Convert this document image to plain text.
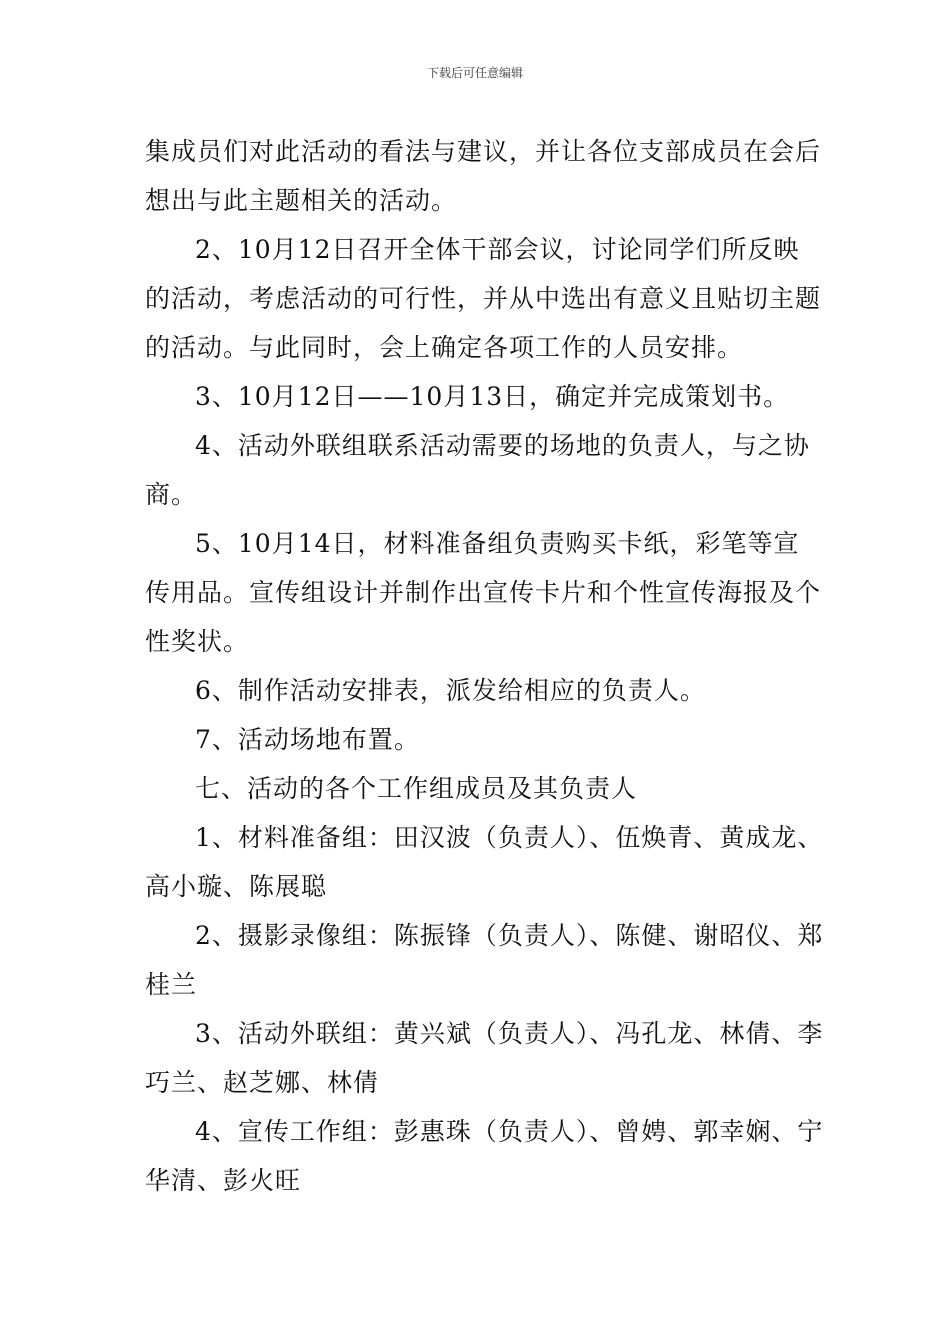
下载后可任意编辑

集成员们对此活动的看法与建议，并让各位支部成员在会后想出与此主题相关的活动。

2、10月12日召开全体干部会议，讨论同学们所反映的活动，考虑活动的可行性，并从中选出有意义且贴切主题的活动。与此同时，会上确定各项工作的人员安排。

3、10月12日——10月13日，确定并完成策划书。

4、活动外联组联系活动需要的场地的负责人，与之协商。

5、10月14日，材料准备组负责购买卡纸，彩笔等宣传用品。宣传组设计并制作出宣传卡片和个性宣传海报及个性奖状。

6、制作活动安排表，派发给相应的负责人。

7、活动场地布置。

七、活动的各个工作组成员及其负责人

1、材料准备组：田汉波（负责人）、伍焕青、黄成龙、高小璇、陈展聪

2、摄影录像组：陈振锋（负责人）、陈健、谢昭仪、郑桂兰

3、活动外联组：黄兴斌（负责人）、冯孔龙、林倩、李巧兰、赵芝娜、林倩

4、宣传工作组：彭惠珠（负责人）、曾娉、郭幸娴、宁华清、彭火旺
